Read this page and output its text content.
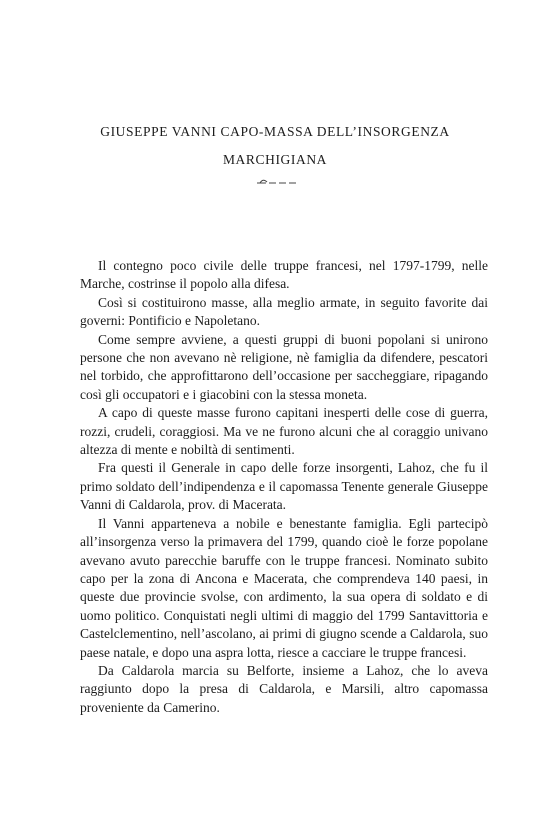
GIUSEPPE VANNI CAPO-MASSA DELL’INSORGENZA
MARCHIGIANA

Il contegno poco civile delle truppe francesi, nel 1797-1799, nelle Marche, costrinse il popolo alla difesa.

Così si costituirono masse, alla meglio armate, in seguito favorite dai governi: Pontificio e Napoletano.

Come sempre avviene, a questi gruppi di buoni popolani si unirono persone che non avevano nè religione, nè famiglia da difendere, pescatori nel torbido, che approfittarono dell’occasione per saccheggiare, ripagando così gli occupatori e i giacobini con la stessa moneta.

A capo di queste masse furono capitani inesperti delle cose di guerra, rozzi, crudeli, coraggiosi. Ma ve ne furono alcuni che al coraggio univano altezza di mente e nobiltà di sentimenti.

Fra questi il Generale in capo delle forze insorgenti, Lahoz, che fu il primo soldato dell’indipendenza e il capomassa Tenente generale Giuseppe Vanni di Caldarola, prov. di Macerata.

Il Vanni apparteneva a nobile e benestante famiglia. Egli partecipò all’insorgenza verso la primavera del 1799, quando cioè le forze popolane avevano avuto parecchie baruffe con le truppe francesi. Nominato subito capo per la zona di Ancona e Macerata, che comprendeva 140 paesi, in queste due provincie svolse, con ardimento, la sua opera di soldato e di uomo politico. Conquistati negli ultimi di maggio del 1799 Santavittoria e Castelclementino, nell’ascolano, ai primi di giugno scende a Caldarola, suo paese natale, e dopo una aspra lotta, riesce a cacciare le truppe francesi.

Da Caldarola marcia su Belforte, insieme a Lahoz, che lo aveva raggiunto dopo la presa di Caldarola, e Marsili, altro capomassa proveniente da Camerino.
